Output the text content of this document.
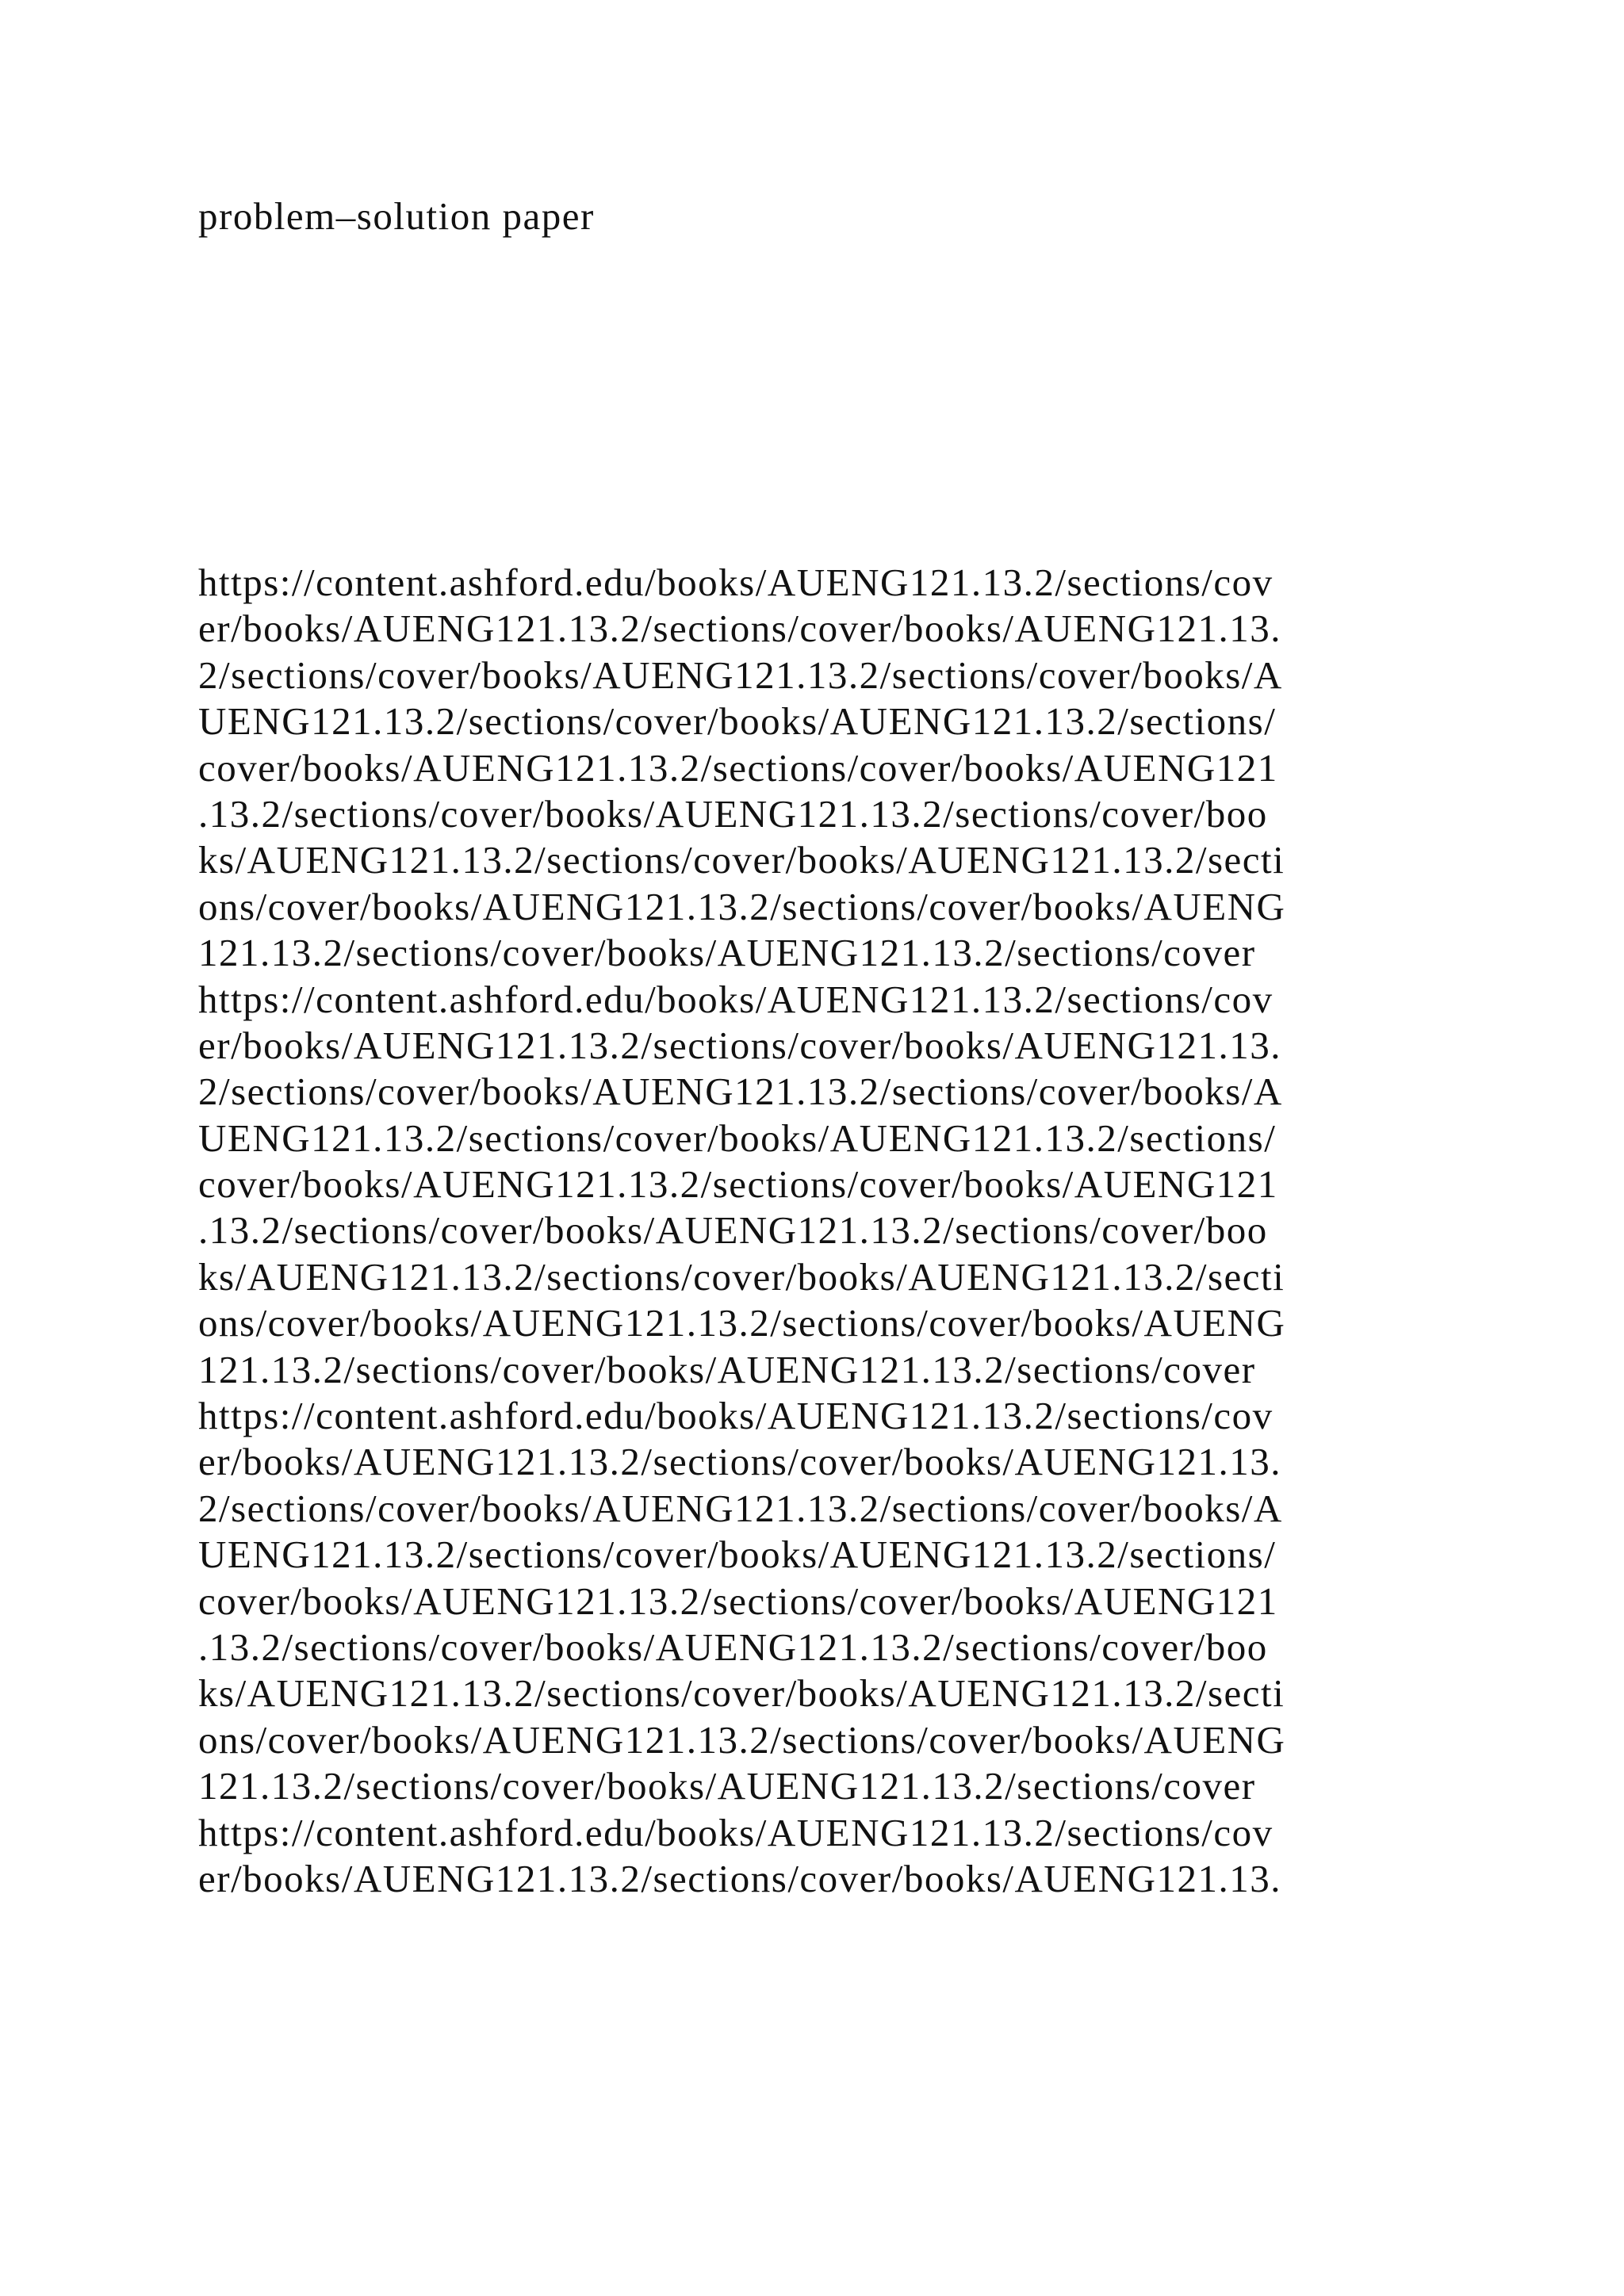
problem–solution paper
https://content.ashford.edu/books/AUENG121.13.2/sections/cov
er/books/AUENG121.13.2/sections/cover/books/AUENG121.13.
2/sections/cover/books/AUENG121.13.2/sections/cover/books/A
UENG121.13.2/sections/cover/books/AUENG121.13.2/sections/
cover/books/AUENG121.13.2/sections/cover/books/AUENG121
.13.2/sections/cover/books/AUENG121.13.2/sections/cover/boo
ks/AUENG121.13.2/sections/cover/books/AUENG121.13.2/secti
ons/cover/books/AUENG121.13.2/sections/cover/books/AUENG
121.13.2/sections/cover/books/AUENG121.13.2/sections/cover
https://content.ashford.edu/books/AUENG121.13.2/sections/cov
er/books/AUENG121.13.2/sections/cover/books/AUENG121.13.
2/sections/cover/books/AUENG121.13.2/sections/cover/books/A
UENG121.13.2/sections/cover/books/AUENG121.13.2/sections/
cover/books/AUENG121.13.2/sections/cover/books/AUENG121
.13.2/sections/cover/books/AUENG121.13.2/sections/cover/boo
ks/AUENG121.13.2/sections/cover/books/AUENG121.13.2/secti
ons/cover/books/AUENG121.13.2/sections/cover/books/AUENG
121.13.2/sections/cover/books/AUENG121.13.2/sections/cover
https://content.ashford.edu/books/AUENG121.13.2/sections/cov
er/books/AUENG121.13.2/sections/cover/books/AUENG121.13.
2/sections/cover/books/AUENG121.13.2/sections/cover/books/A
UENG121.13.2/sections/cover/books/AUENG121.13.2/sections/
cover/books/AUENG121.13.2/sections/cover/books/AUENG121
.13.2/sections/cover/books/AUENG121.13.2/sections/cover/boo
ks/AUENG121.13.2/sections/cover/books/AUENG121.13.2/secti
ons/cover/books/AUENG121.13.2/sections/cover/books/AUENG
121.13.2/sections/cover/books/AUENG121.13.2/sections/cover
https://content.ashford.edu/books/AUENG121.13.2/sections/cov
er/books/AUENG121.13.2/sections/cover/books/AUENG121.13.
